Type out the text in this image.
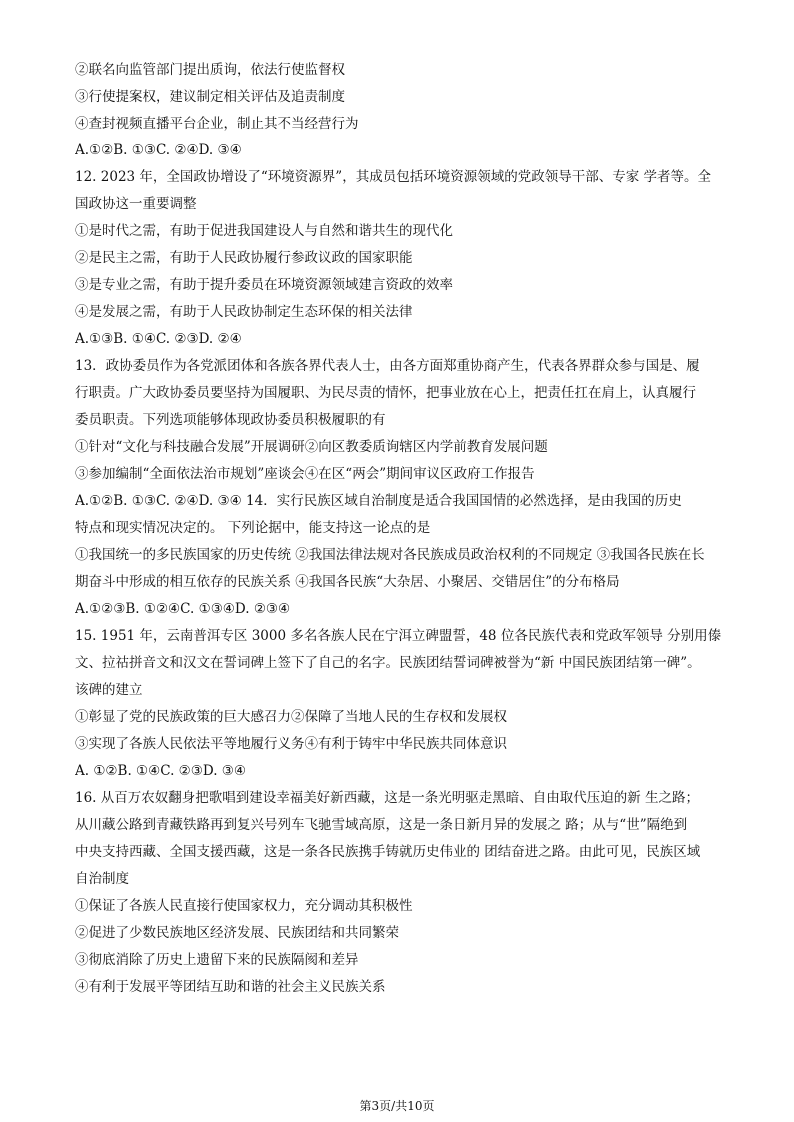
②联名向监管部门提出质询，依法行使监督权
③行使提案权，建议制定相关评估及追责制度
④查封视频直播平台企业，制止其不当经营行为
A.①②B. ①③C. ②④D. ③④
12. 2023 年，全国政协增设了“环境资源界”，其成员包括环境资源领域的党政领导干部、专家 学者等。全
国政协这一重要调整
①是时代之需，有助于促进我国建设人与自然和谐共生的现代化
②是民主之需，有助于人民政协履行参政议政的国家职能
③是专业之需，有助于提升委员在环境资源领域建言资政的效率
④是发展之需，有助于人民政协制定生态环保的相关法律
A.①③B. ①④C. ②③D. ②④
13．政协委员作为各党派团体和各族各界代表人士，由各方面郑重协商产生，代表各界群众参与国是、履
行职责。广大政协委员要坚持为国履职、为民尽责的情怀，把事业放在心上，把责任扛在肩上，认真履行
委员职责。下列选项能够体现政协委员积极履职的有
①针对“文化与科技融合发展”开展调研②向区教委质询辖区内学前教育发展问题
③参加编制“全面依法治市规划”座谈会④在区“两会”期间审议区政府工作报告
A.①②B. ①③C. ②④D. ③④ 14．实行民族区域自治制度是适合我国国情的必然选择，是由我国的历史
特点和现实情况决定的。 下列论据中，能支持这一论点的是
①我国统一的多民族国家的历史传统 ②我国法律法规对各民族成员政治权利的不同规定 ③我国各民族在长
期奋斗中形成的相互依存的民族关系 ④我国各民族“大杂居、小聚居、交错居住”的分布格局
A.①②③B. ①②④C. ①③④D. ②③④
15. 1951 年，云南普洱专区 3000 多名各族人民在宁洱立碑盟誓，48 位各民族代表和党政军领导 分别用傣
文、拉祜拼音文和汉文在誓词碑上签下了自己的名字。民族团结誓词碑被誉为“新 中国民族团结第一碑”。
该碑的建立
①彰显了党的民族政策的巨大感召力②保障了当地人民的生存权和发展权
③实现了各族人民依法平等地履行义务④有利于铸牢中华民族共同体意识
A. ①②B. ①④C. ②③D. ③④
16. 从百万农奴翻身把歌唱到建设幸福美好新西藏，这是一条光明驱走黑暗、自由取代压迫的新 生之路；
从川藏公路到青藏铁路再到复兴号列车飞驰雪域高原，这是一条日新月异的发展之 路；从与“世”隔绝到
中央支持西藏、全国支援西藏，这是一条各民族携手铸就历史伟业的 团结奋进之路。由此可见，民族区域
自治制度
①保证了各族人民直接行使国家权力，充分调动其积极性
②促进了少数民族地区经济发展、民族团结和共同繁荣
③彻底消除了历史上遗留下来的民族隔阂和差异
④有利于发展平等团结互助和谐的社会主义民族关系
第3页/共10页
